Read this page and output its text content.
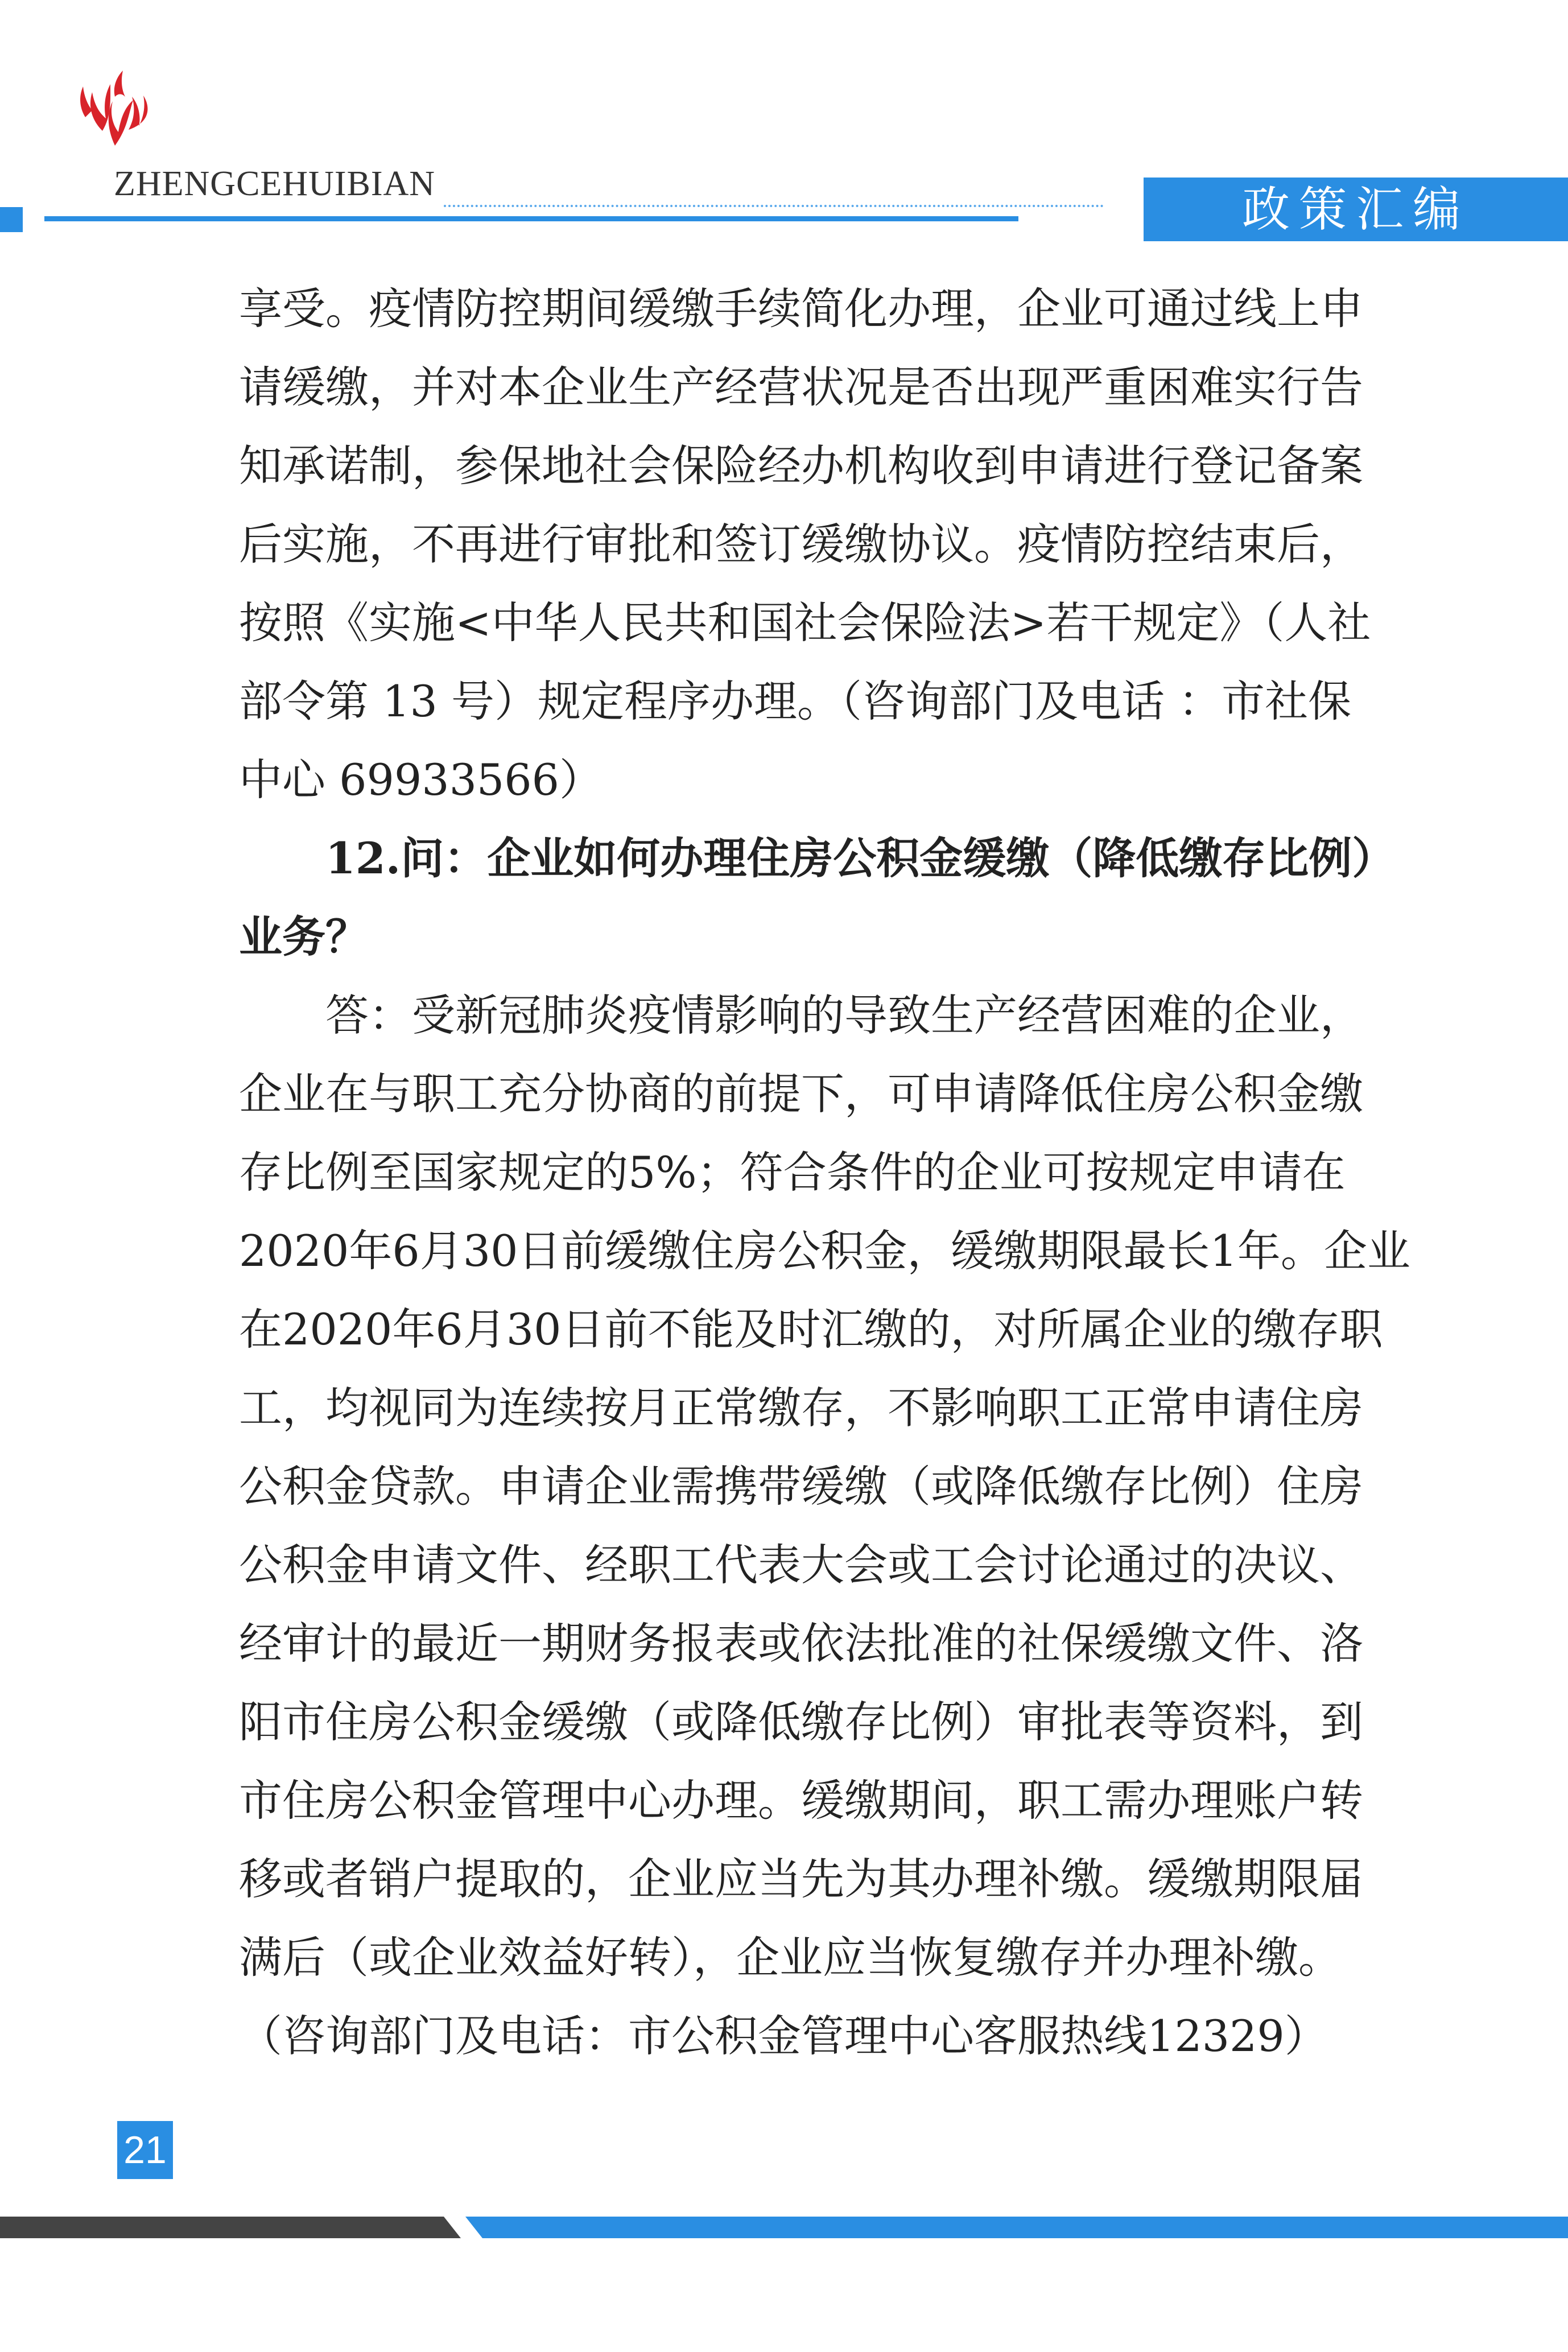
ZHENGCEHUIBIAN	政策汇编
享受。疫情防控期间缓缴手续简化办理，企业可通过线上申
请缓缴，并对本企业生产经营状况是否出现严重困难实行告
知承诺制，参保地社会保险经办机构收到申请进行登记备案
后实施，不再进行审批和签订缓缴协议。疫情防控结束后，
按照《实施<中华人民共和国社会保险法>若干规定》（人社
部令第 13 号）规定程序办理。（咨询部门及电话 ：市社保
中心 69933566）
12.问：企业如何办理住房公积金缓缴（降低缴存比例）
业务？
答：受新冠肺炎疫情影响的导致生产经营困难的企业，
企业在与职工充分协商的前提下，可申请降低住房公积金缴
存比例至国家规定的5%；符合条件的企业可按规定申请在
2020年6月30日前缓缴住房公积金，缓缴期限最长1年。企业
在2020年6月30日前不能及时汇缴的，对所属企业的缴存职
工，均视同为连续按月正常缴存，不影响职工正常申请住房
公积金贷款。申请企业需携带缓缴（或降低缴存比例）住房
公积金申请文件、经职工代表大会或工会讨论通过的决议、
经审计的最近一期财务报表或依法批准的社保缓缴文件、洛
阳市住房公积金缓缴（或降低缴存比例）审批表等资料，到
市住房公积金管理中心办理。缓缴期间，职工需办理账户转
移或者销户提取的，企业应当先为其办理补缴。缓缴期限届
满后（或企业效益好转），企业应当恢复缴存并办理补缴。
（咨询部门及电话：市公积金管理中心客服热线12329）
21
